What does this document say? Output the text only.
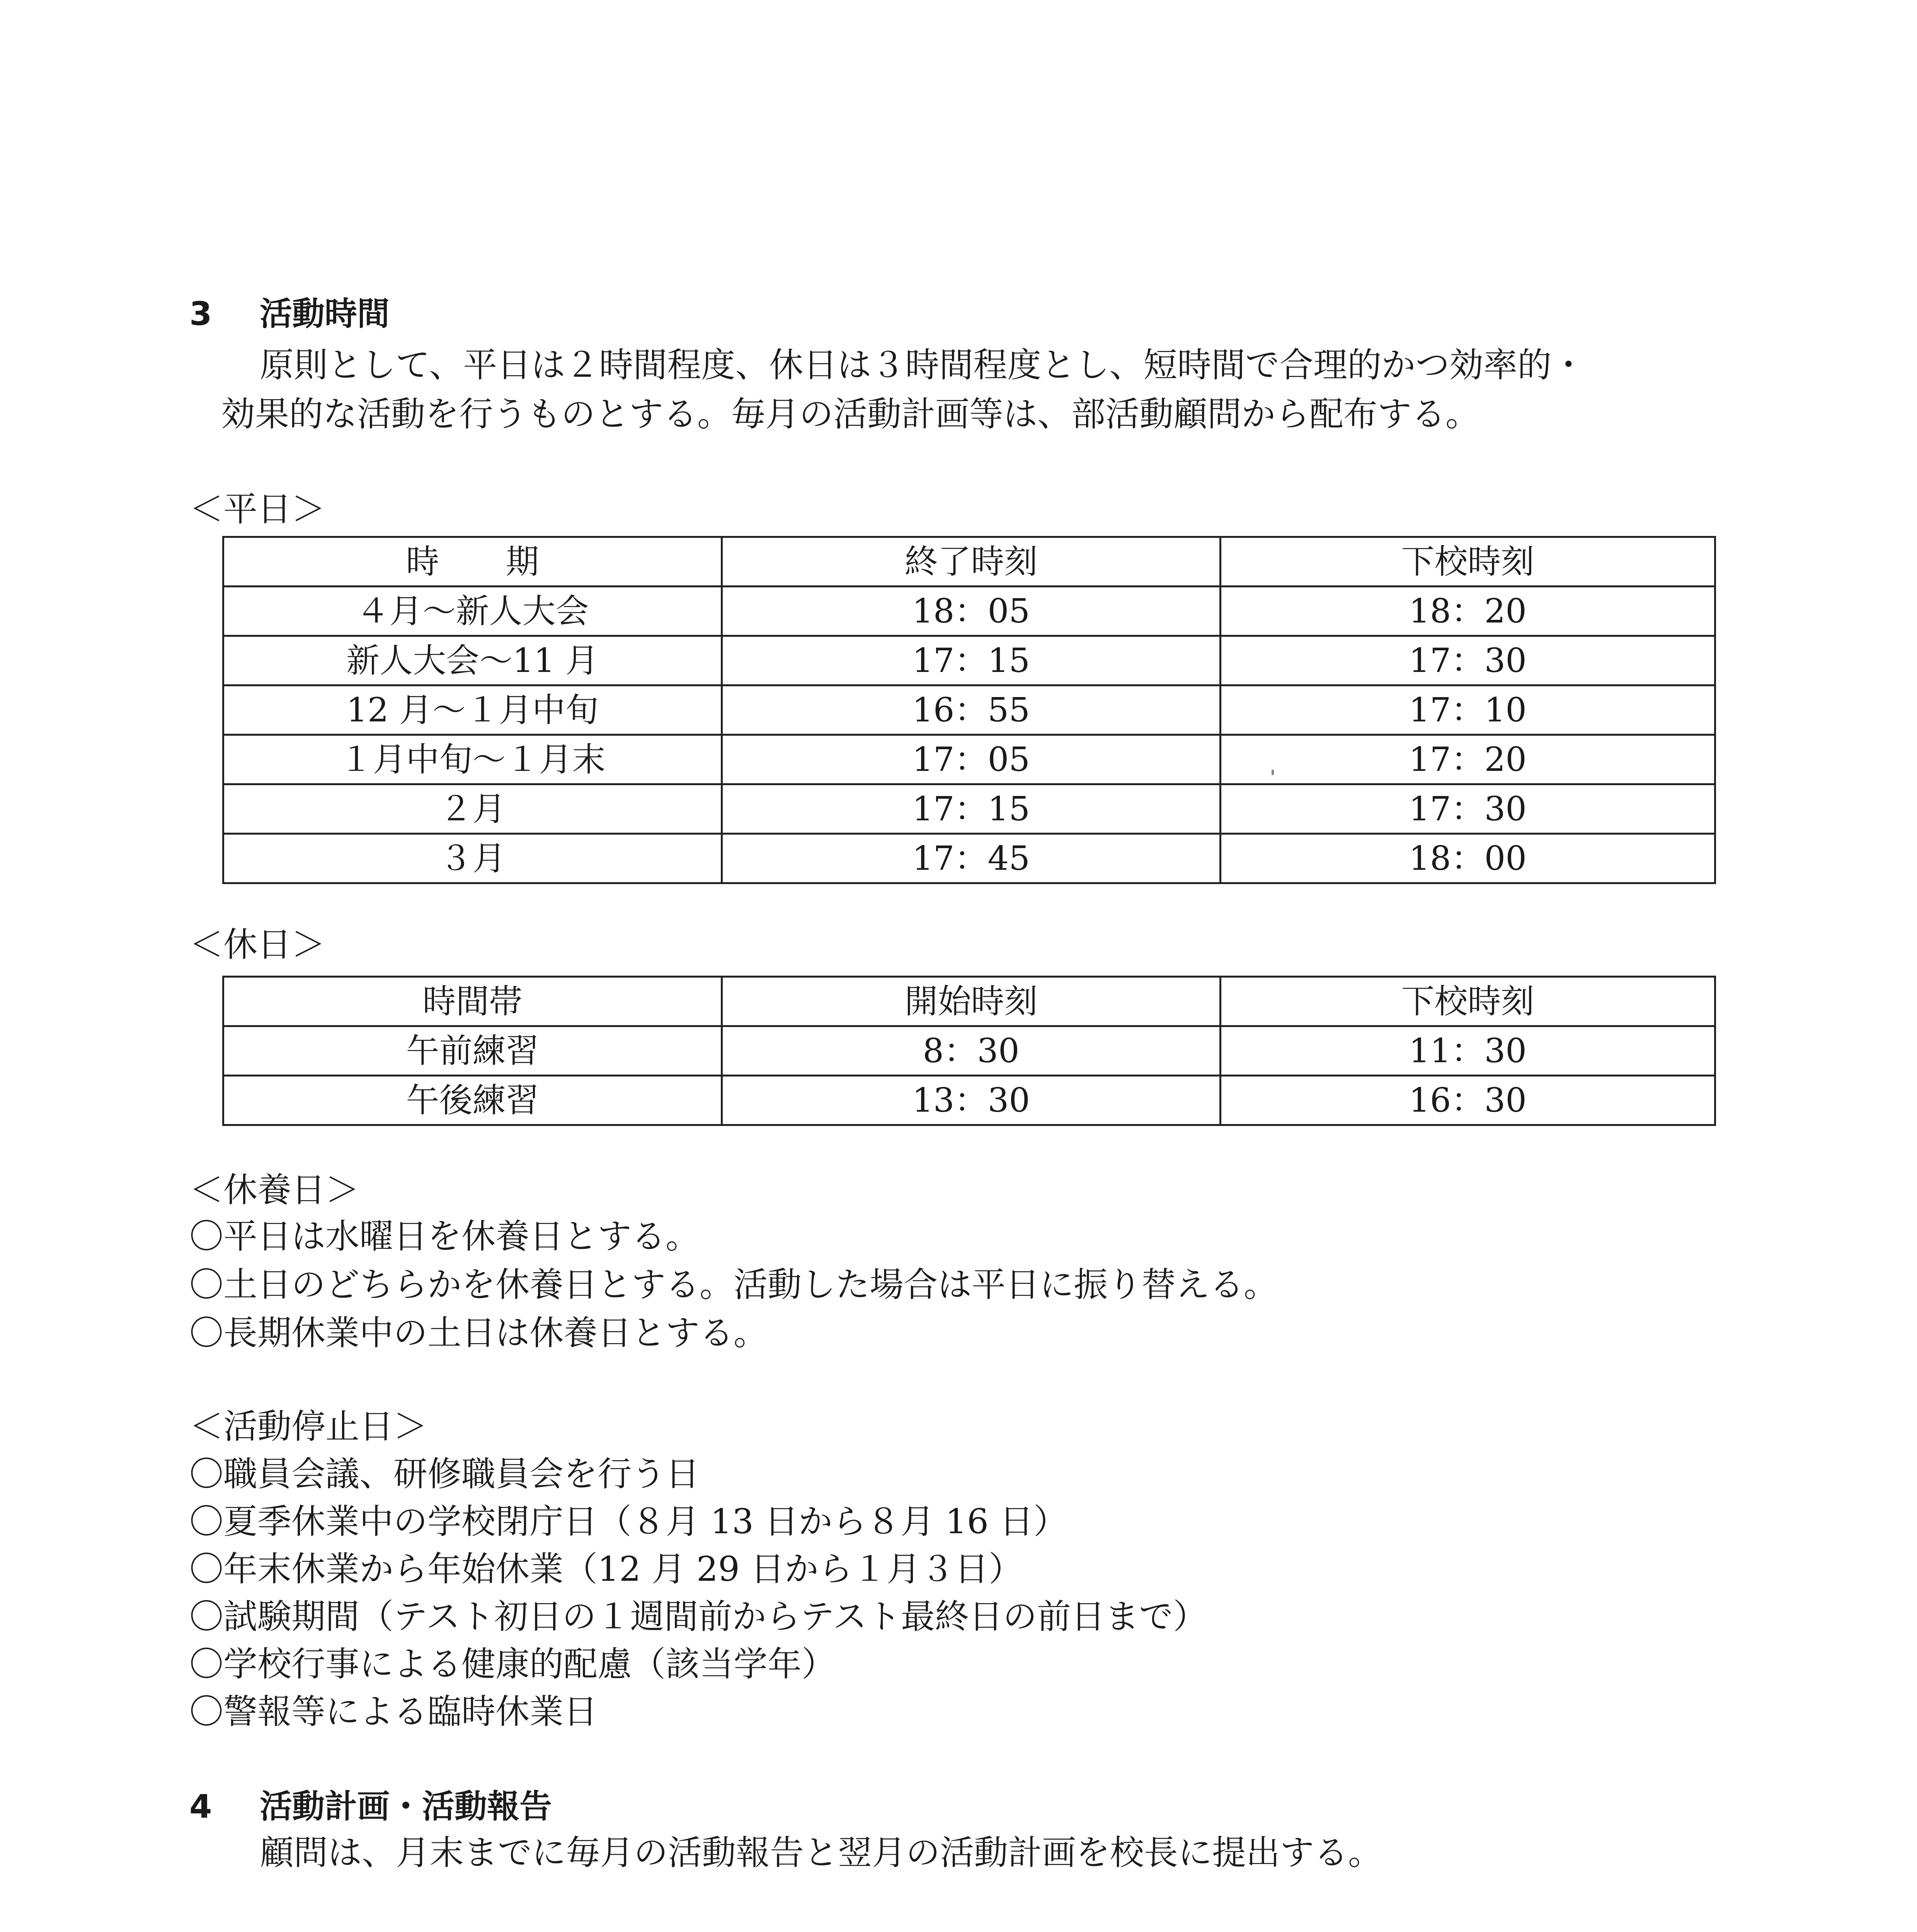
3 活動時間
原則として、平日は２時間程度、休日は３時間程度とし、短時間で合理的かつ効率的・
効果的な活動を行うものとする。毎月の活動計画等は、部活動顧問から配布する。
＜平日＞
時　　期	終了時刻	下校時刻
４月～新人大会	18：05	18：20
新人大会～11 月	17：15	17：30
12 月～１月中旬	16：55	17：10
１月中旬～１月末	17：05	17：20
２月	17：15	17：30
３月	17：45	18：00
＜休日＞
時間帯	開始時刻	下校時刻
午前練習	8：30	11：30
午後練習	13：30	16：30
＜休養日＞
〇平日は水曜日を休養日とする。
〇土日のどちらかを休養日とする。活動した場合は平日に振り替える。
〇長期休業中の土日は休養日とする。
＜活動停止日＞
〇職員会議、研修職員会を行う日
〇夏季休業中の学校閉庁日（８月 13 日から８月 16 日）
〇年末休業から年始休業（12 月 29 日から１月３日）
〇試験期間（テスト初日の１週間前からテスト最終日の前日まで）
〇学校行事による健康的配慮（該当学年）
〇警報等による臨時休業日
4 活動計画・活動報告
顧問は、月末までに毎月の活動報告と翌月の活動計画を校長に提出する。
